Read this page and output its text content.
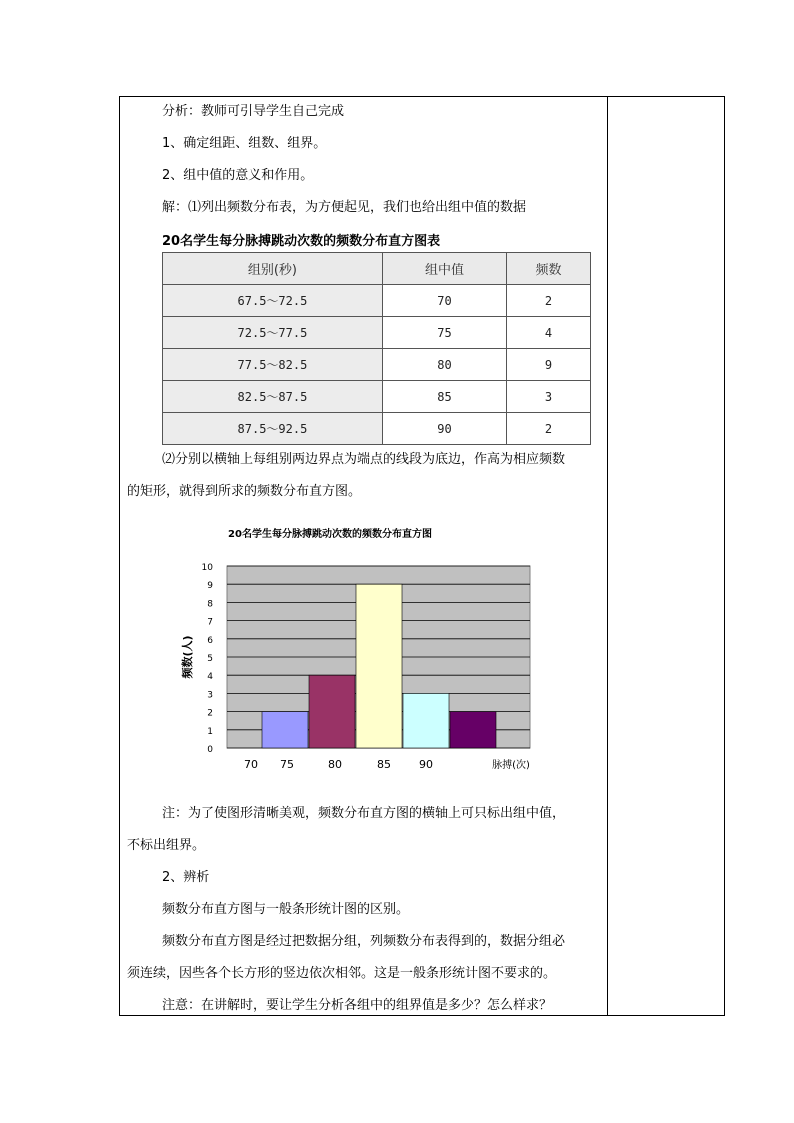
分析：教师可引导学生自己完成
1、确定组距、组数、组界。
2、组中值的意义和作用。
解：⑴列出频数分布表，为方便起见，我们也给出组中值的数据
20名学生每分脉搏跳动次数的频数分布直方图表
组别(秒)	组中值	频数
67.5～72.5	70	2
72.5～77.5	75	4
77.5～82.5	80	9
82.5～87.5	85	3
87.5～92.5	90	2
⑵分别以横轴上每组别两边界点为端点的线段为底边，作高为相应频数
的矩形，就得到所求的频数分布直方图。
20名学生每分脉搏跳动次数的频数分布直方图
0
1
2
3
4
5
6
7
8
9
10
70 75	80	85	90
频数(人)
脉搏(次)
注：为了使图形清晰美观，频数分布直方图的横轴上可只标出组中值，
不标出组界。
2、辨析
频数分布直方图与一般条形统计图的区别。
频数分布直方图是经过把数据分组，列频数分布表得到的，数据分组必
须连续，因些各个长方形的竖边依次相邻。这是一般条形统计图不要求的。
注意：在讲解时，要让学生分析各组中的组界值是多少？怎么样求？
